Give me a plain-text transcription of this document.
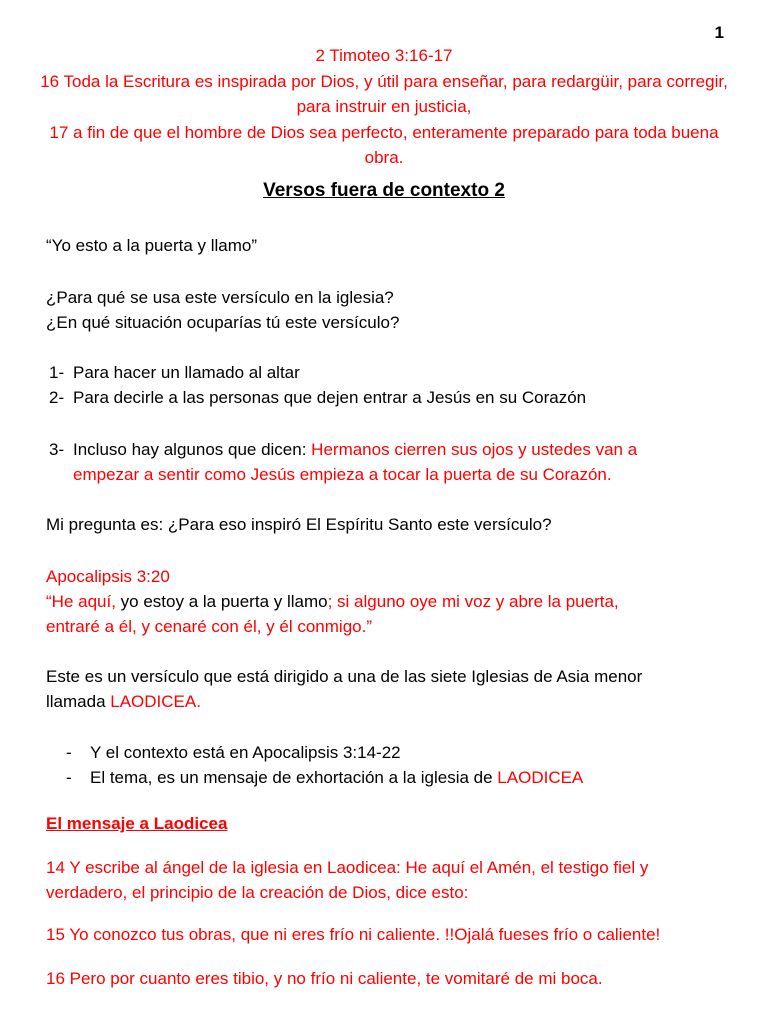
1
2 Timoteo 3:16-17
16 Toda la Escritura es inspirada por Dios, y útil para enseñar, para redargüir, para corregir, para instruir en justicia,
17 a fin de que el hombre de Dios sea perfecto, enteramente preparado para toda buena obra.
Versos fuera de contexto 2
“Yo esto a la puerta y llamo”
¿Para qué se usa este versículo en la iglesia?
¿En qué situación ocuparías tú este versículo?
1- Para hacer un llamado al altar
2- Para decirle a las personas que dejen entrar a Jesús en su Corazón
3- Incluso hay algunos que dicen: Hermanos cierren sus ojos y ustedes van a
empezar a sentir como Jesús empieza a tocar la puerta de su Corazón.
Mi pregunta es: ¿Para eso inspiró El Espíritu Santo este versículo?
Apocalipsis 3:20
“He aquí, yo estoy a la puerta y llamo; si alguno oye mi voz y abre la puerta,
entraré a él, y cenaré con él, y él conmigo.”
Este es un versículo que está dirigido a una de las siete Iglesias de Asia menor
llamada LAODICEA.
- Y el contexto está en Apocalipsis 3:14-22
- El tema, es un mensaje de exhortación a la iglesia de LAODICEA
El mensaje a Laodicea
14 Y escribe al ángel de la iglesia en Laodicea: He aquí el Amén, el testigo fiel y
verdadero, el principio de la creación de Dios, dice esto:
15 Yo conozco tus obras, que ni eres frío ni caliente. !!Ojalá fueses frío o caliente!
16 Pero por cuanto eres tibio, y no frío ni caliente, te vomitaré de mi boca.
